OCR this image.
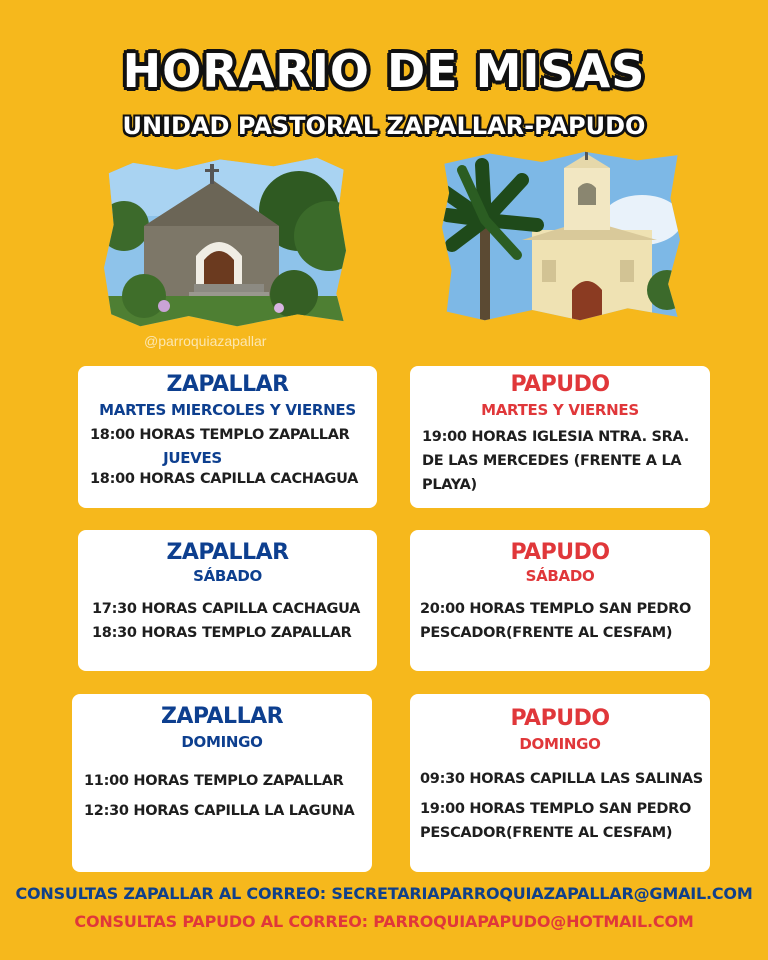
HORARIO DE MISAS
UNIDAD PASTORAL ZAPALLAR-PAPUDO
@parroquiazapallar
ZAPALLAR
MARTES MIERCOLES Y VIERNES
18:00 HORAS TEMPLO ZAPALLAR
JUEVES
18:00 HORAS CAPILLA CACHAGUA
PAPUDO
MARTES Y VIERNES
19:00 HORAS IGLESIA NTRA. SRA.
DE LAS MERCEDES (FRENTE A LA
PLAYA)
ZAPALLAR
SÁBADO
17:30 HORAS CAPILLA CACHAGUA
18:30 HORAS TEMPLO ZAPALLAR
PAPUDO
SÁBADO
20:00 HORAS TEMPLO SAN PEDRO
PESCADOR(FRENTE AL CESFAM)
ZAPALLAR
DOMINGO
11:00 HORAS TEMPLO ZAPALLAR
12:30 HORAS CAPILLA LA LAGUNA
PAPUDO
DOMINGO
09:30 HORAS CAPILLA LAS SALINAS
19:00 HORAS TEMPLO SAN PEDRO
PESCADOR(FRENTE AL CESFAM)
CONSULTAS ZAPALLAR AL CORREO: SECRETARIAPARROQUIAZAPALLAR@GMAIL.COM
CONSULTAS PAPUDO AL CORREO: PARROQUIAPAPUDO@HOTMAIL.COM
